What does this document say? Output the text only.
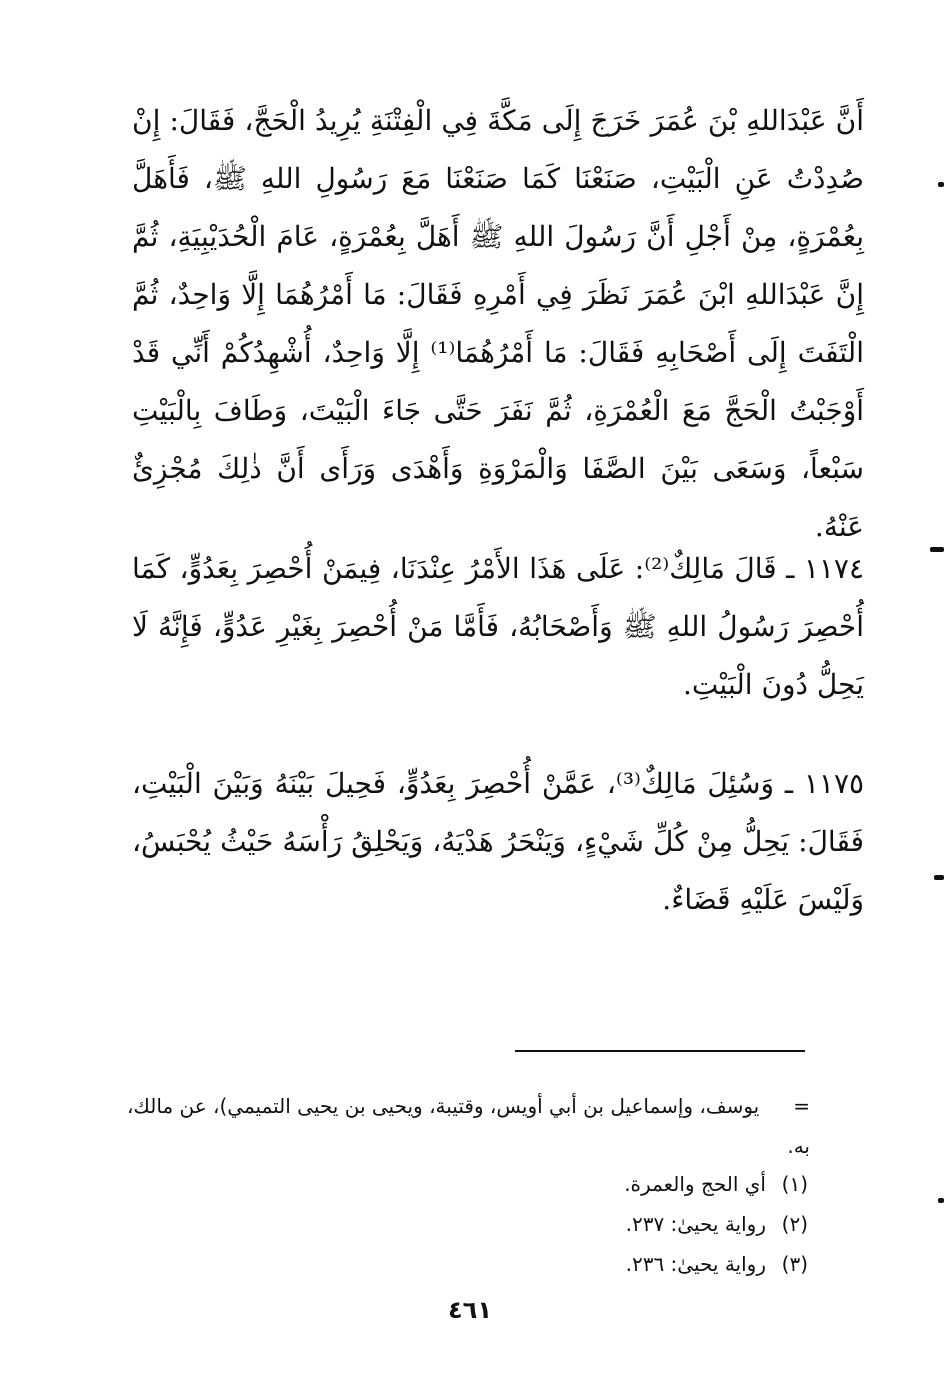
أَنَّ عَبْدَاللهِ بْنَ عُمَرَ خَرَجَ إِلَى مَكَّةَ فِي الْفِتْنَةِ يُرِيدُ الْحَجَّ، فَقَالَ: إِنْ صُدِدْتُ عَنِ الْبَيْتِ، صَنَعْنَا كَمَا صَنَعْنَا مَعَ رَسُولِ اللهِ ﷺ، فَأَهَلَّ بِعُمْرَةٍ، مِنْ أَجْلِ أَنَّ رَسُولَ اللهِ ﷺ أَهَلَّ بِعُمْرَةٍ، عَامَ الْحُدَيْبِيَةِ، ثُمَّ إِنَّ عَبْدَاللهِ ابْنَ عُمَرَ نَظَرَ فِي أَمْرِهِ فَقَالَ: مَا أَمْرُهُمَا إِلَّا وَاحِدٌ، ثُمَّ الْتَفَتَ إِلَى أَصْحَابِهِ فَقَالَ: مَا أَمْرُهُمَا⁽¹⁾ إِلَّا وَاحِدٌ، أُشْهِدُكُمْ أَنِّي قَدْ أَوْجَبْتُ الْحَجَّ مَعَ الْعُمْرَةِ، ثُمَّ نَفَرَ حَتَّى جَاءَ الْبَيْتَ، وَطَافَ بِالْبَيْتِ سَبْعاً، وَسَعَى بَيْنَ الصَّفَا وَالْمَرْوَةِ وَأَهْدَى وَرَأَى أَنَّ ذٰلِكَ مُجْزِئٌ عَنْهُ.

١١٧٤ ـ قَالَ مَالِكٌ⁽²⁾: عَلَى هَذَا الأَمْرُ عِنْدَنَا، فِيمَنْ أُحْصِرَ بِعَدُوٍّ، كَمَا أُحْصِرَ رَسُولُ اللهِ ﷺ وَأَصْحَابُهُ، فَأَمَّا مَنْ أُحْصِرَ بِغَيْرِ عَدُوٍّ، فَإِنَّهُ لَا يَحِلُّ دُونَ الْبَيْتِ.

١١٧٥ ـ وَسُئِلَ مَالِكٌ⁽³⁾، عَمَّنْ أُحْصِرَ بِعَدُوٍّ، فَحِيلَ بَيْنَهُ وَبَيْنَ الْبَيْتِ، فَقَالَ: يَحِلُّ مِنْ كُلِّ شَيْءٍ، وَيَنْحَرُ هَدْيَهُ، وَيَحْلِقُ رَأْسَهُ حَيْثُ يُحْبَسُ، وَلَيْسَ عَلَيْهِ قَضَاءٌ.

=يوسف، وإسماعيل بن أبي أويس، وقتيبة، ويحيى بن يحيى التميمي)، عن مالك، به.
(١)أي الحج والعمرة.
(٢)رواية يحيىٰ: ٢٣٧.
(٣)رواية يحيىٰ: ٢٣٦.
٤٦١
